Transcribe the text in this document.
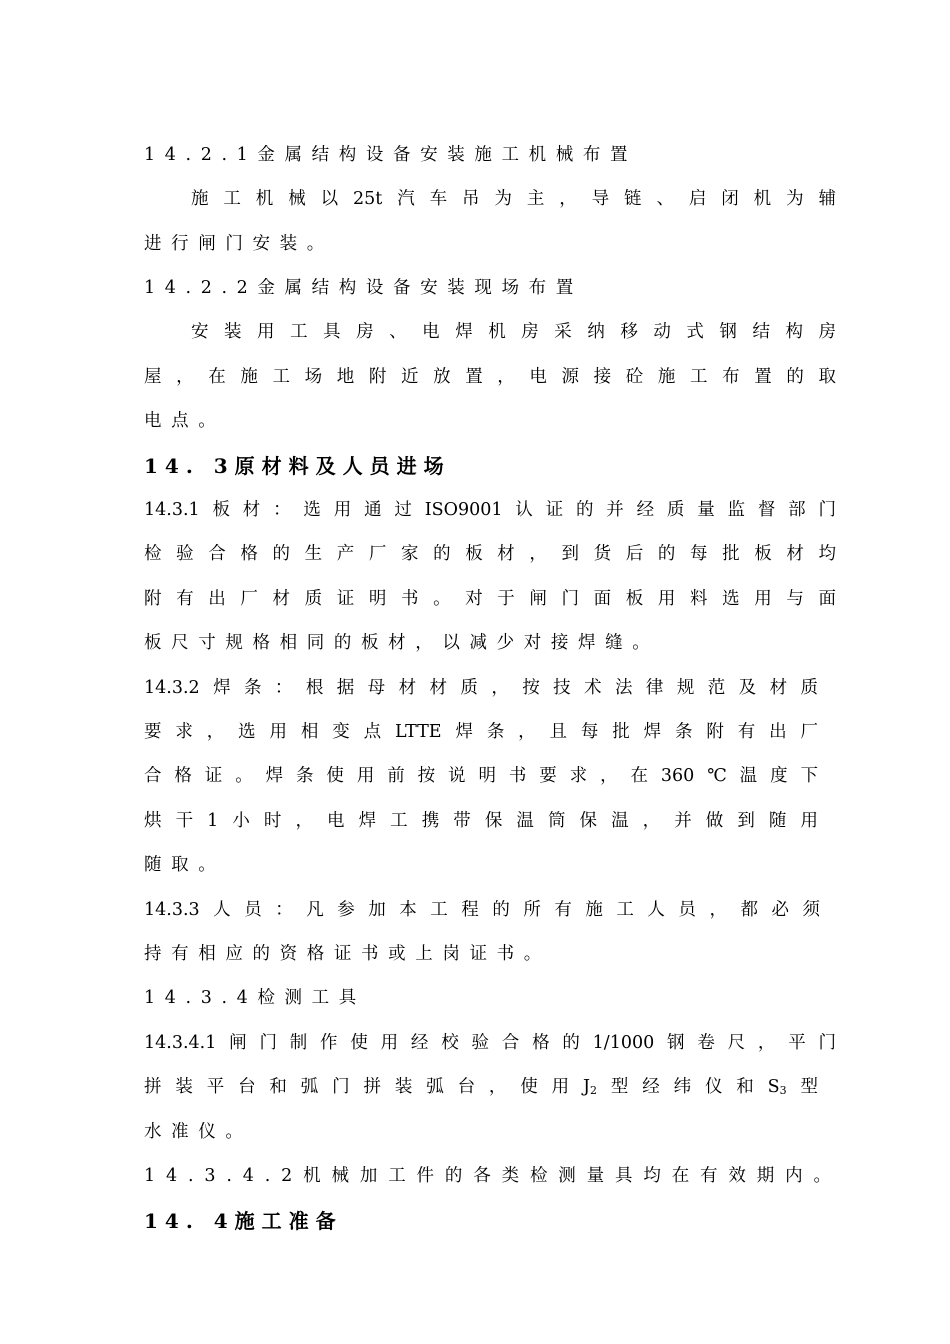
14.2.1金属结构设备安装施工机械布置
施工机械以25t汽车吊为主，导链、启闭机为辅
进行闸门安装。
14.2.2金属结构设备安装现场布置
安装用工具房、电焊机房采纳移动式钢结构房
屋，在施工场地附近放置，电源接砼施工布置的取
电点。
14. 3原材料及人员进场
14.3.1板材：选用通过ISO9001认证的并经质量监督部门
检验合格的生产厂家的板材，到货后的每批板材均
附有出厂材质证明书。对于闸门面板用料选用与面
板尺寸规格相同的板材，以减少对接焊缝。
14.3.2焊条：根据母材材质，按技术法律规范及材质
要求，选用相变点LTTE焊条，且每批焊条附有出厂
合格证。焊条使用前按说明书要求，在360℃温度下
烘干1小时，电焊工携带保温筒保温，并做到随用
随取。
14.3.3人员：凡参加本工程的所有施工人员，都必须
持有相应的资格证书或上岗证书。
14.3.4检测工具
14.3.4.1闸门制作使用经校验合格的1/1000钢卷尺，平门
拼装平台和弧门拼装弧台，使用$J_2$型经纬仪和$S_3$型
水准仪。
14.3.4.2机械加工件的各类检测量具均在有效期内。
14. 4施工准备
